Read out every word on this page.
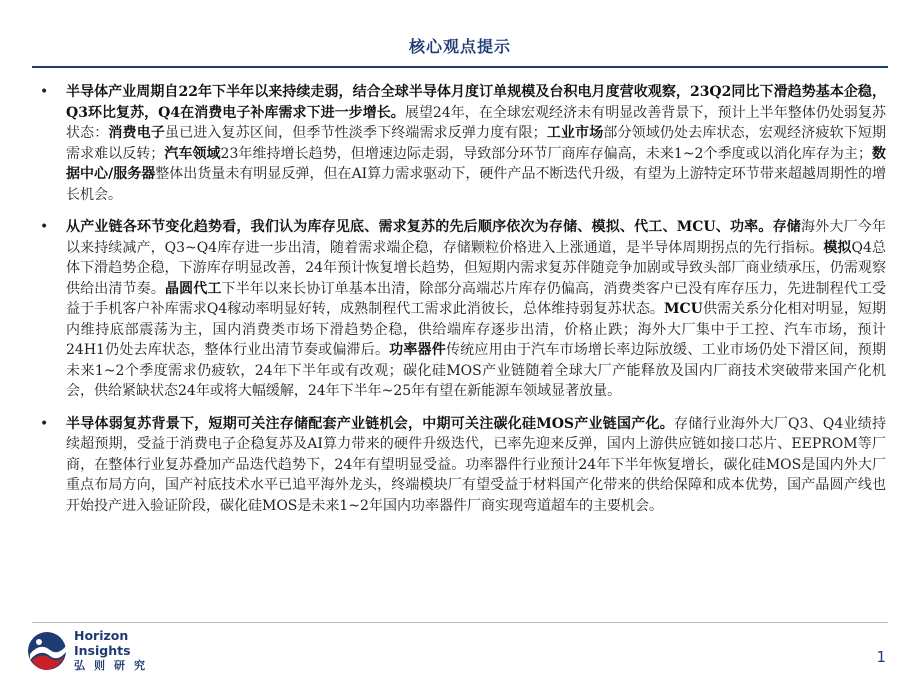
核心观点提示
• 半导体产业周期自22年下半年以来持续走弱，结合全球半导体月度订单规模及台积电月度营收观察，23Q2同比下滑趋势基本企稳，Q3环比复苏，Q4在消费电子补库需求下进一步增长。展望24年，在全球宏观经济未有明显改善背景下，预计上半年整体仍处弱复苏状态：消费电子虽已进入复苏区间，但季节性淡季下终端需求反弹力度有限；工业市场部分领域仍处去库状态，宏观经济疲软下短期需求难以反转；汽车领域23年维持增长趋势，但增速边际走弱，导致部分环节厂商库存偏高，未来1~2个季度或以消化库存为主；数据中心/服务器整体出货量未有明显反弹，但在AI算力需求驱动下，硬件产品不断迭代升级，有望为上游特定环节带来超越周期性的增长机会。
• 从产业链各环节变化趋势看，我们认为库存见底、需求复苏的先后顺序依次为存储、模拟、代工、MCU、功率。存储海外大厂今年以来持续减产，Q3~Q4库存进一步出清，随着需求端企稳，存储颗粒价格进入上涨通道，是半导体周期拐点的先行指标。模拟Q4总体下滑趋势企稳，下游库存明显改善，24年预计恢复增长趋势，但短期内需求复苏伴随竞争加剧或导致头部厂商业绩承压，仍需观察供给出清节奏。晶圆代工下半年以来长协订单基本出清，除部分高端芯片库存仍偏高，消费类客户已没有库存压力，先进制程代工受益于手机客户补库需求Q4稼动率明显好转，成熟制程代工需求此消彼长，总体维持弱复苏状态。MCU供需关系分化相对明显，短期内维持底部震荡为主，国内消费类市场下滑趋势企稳，供给端库存逐步出清，价格止跌；海外大厂集中于工控、汽车市场，预计24H1仍处去库状态，整体行业出清节奏或偏滞后。功率器件传统应用由于汽车市场增长率边际放缓、工业市场仍处下滑区间，预期未来1~2个季度需求仍疲软，24年下半年或有改观；碳化硅MOS产业链随着全球大厂产能释放及国内厂商技术突破带来国产化机会，供给紧缺状态24年或将大幅缓解，24年下半年~25年有望在新能源车领域显著放量。
• 半导体弱复苏背景下，短期可关注存储配套产业链机会，中期可关注碳化硅MOS产业链国产化。存储行业海外大厂Q3、Q4业绩持续超预期，受益于消费电子企稳复苏及AI算力带来的硬件升级迭代，已率先迎来反弹，国内上游供应链如接口芯片、EEPROM等厂商，在整体行业复苏叠加产品迭代趋势下，24年有望明显受益。功率器件行业预计24年下半年恢复增长，碳化硅MOS是国内外大厂重点布局方向，国产衬底技术水平已追平海外龙头，终端模块厂有望受益于材料国产化带来的供给保障和成本优势，国产晶圆产线也开始投产进入验证阶段，碳化硅MOS是未来1~2年国内功率器件厂商实现弯道超车的主要机会。
Horizon Insights
弘则研究	1
